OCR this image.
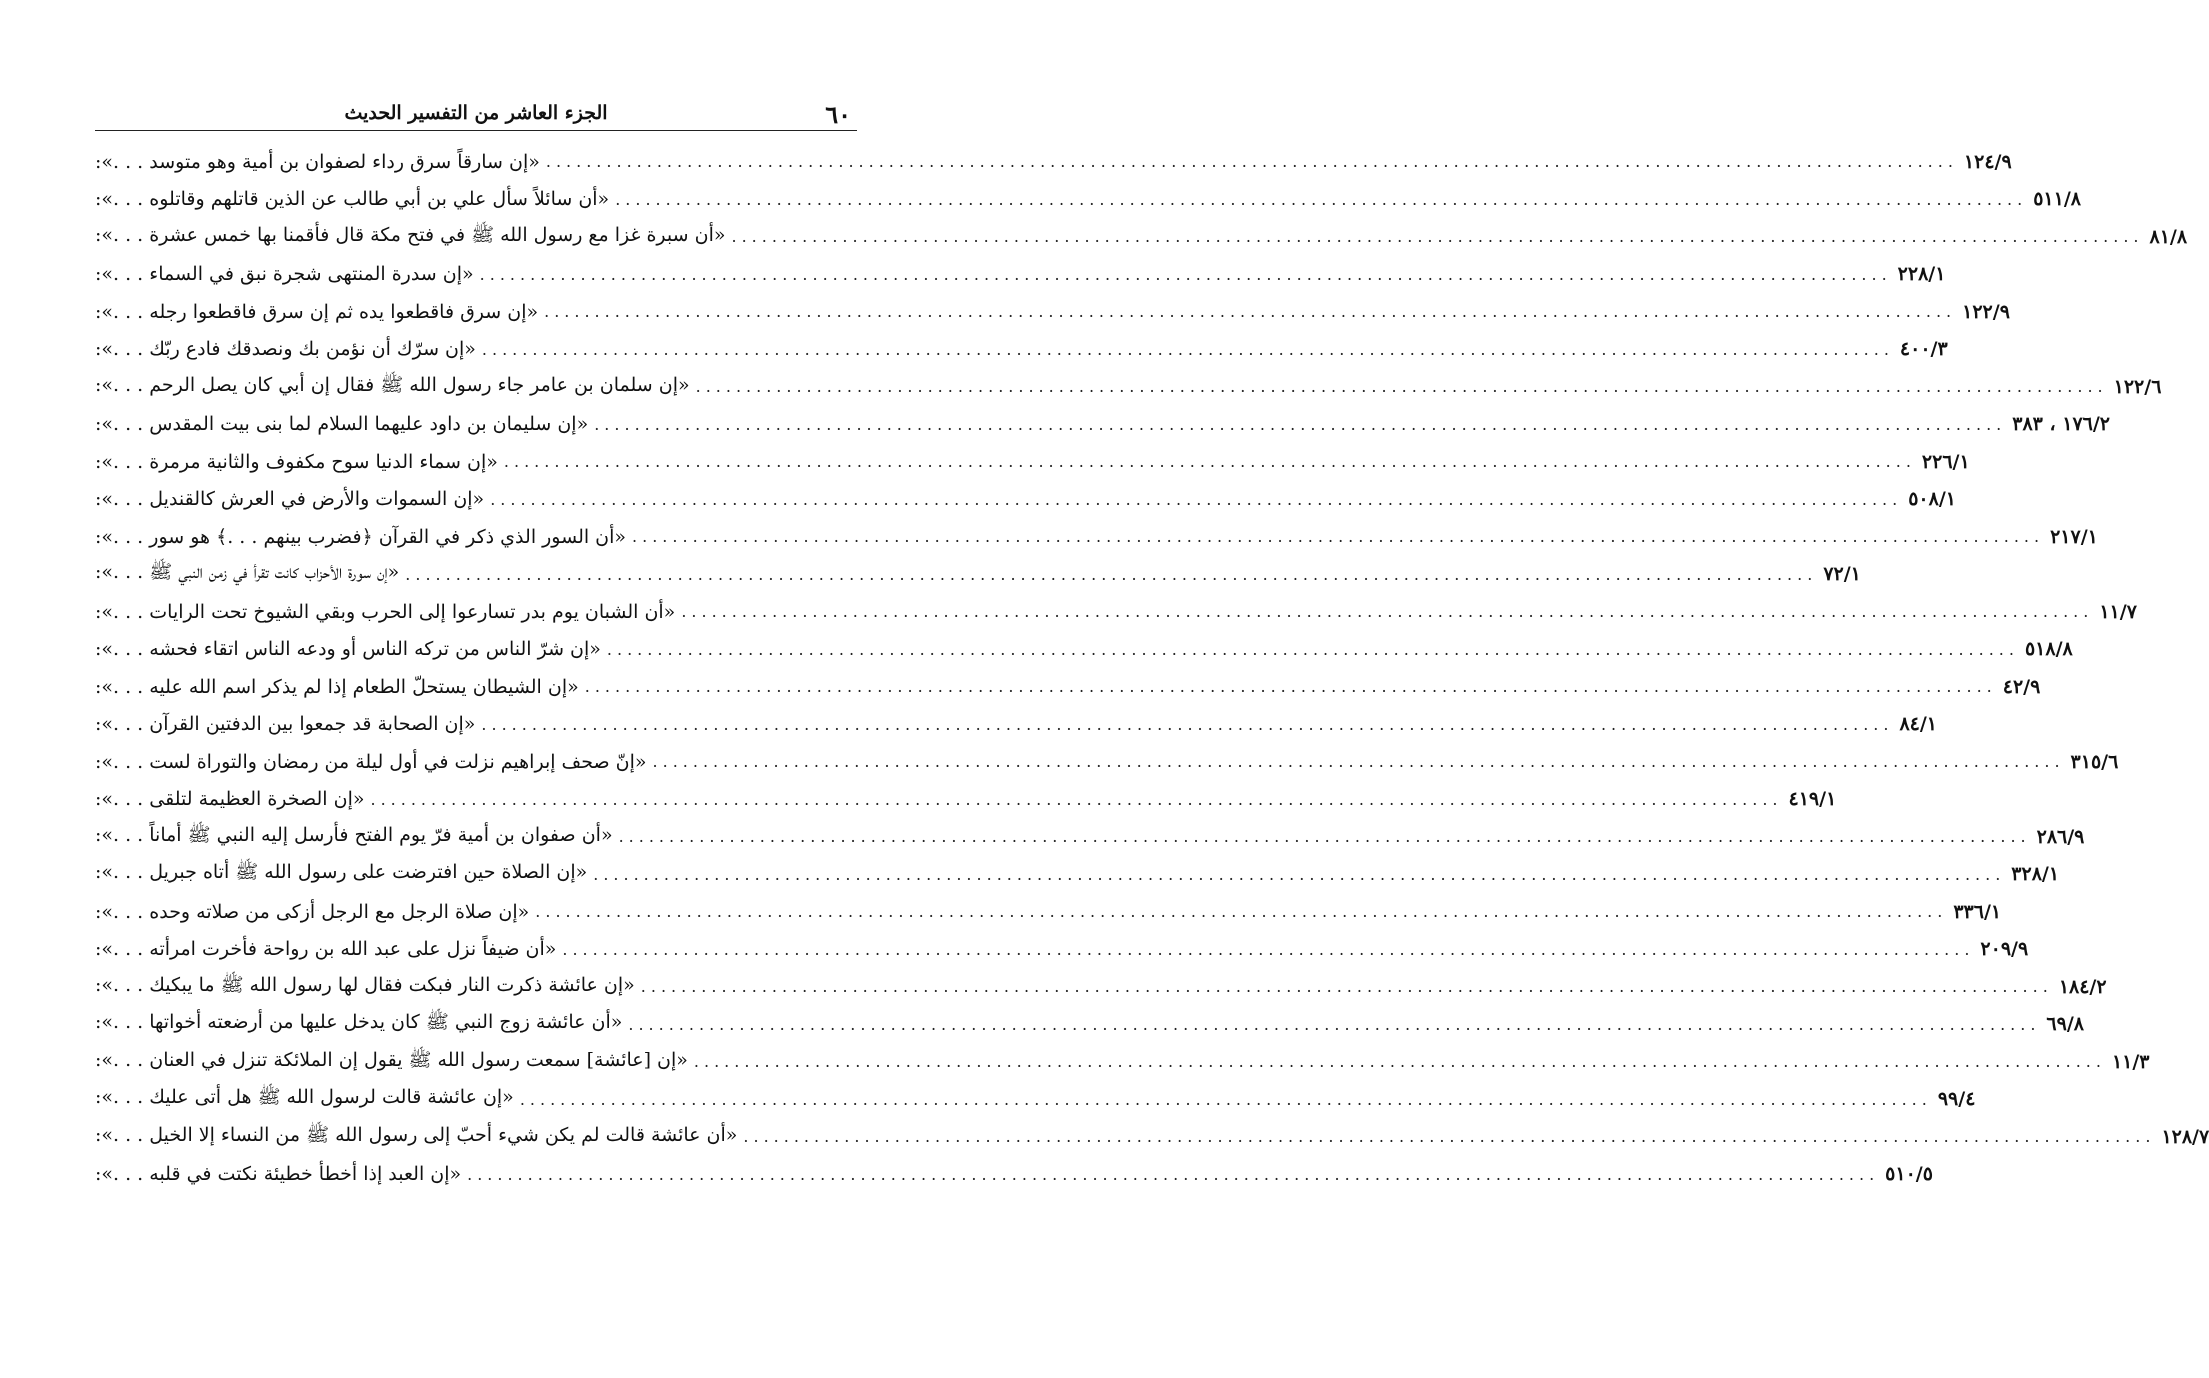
٦٠
الجزء العاشر من التفسير الحديث
«إن سارقاً سرق رداء لصفوان بن أمية وهو متوسد . . .»: ............................................................................................................................................ ١٢٤/٩
«أن سائلاً سأل علي بن أبي طالب عن الذين قاتلهم وقاتلوه . . .»: ............................................................................................................................................ ٥١١/٨
«أن سبرة غزا مع رسول الله ﷺ في فتح مكة قال فأقمنا بها خمس عشرة . . .»: ............................................................................................................................................ ٨١/٨
«إن سدرة المنتهى شجرة نبق في السماء . . .»: ............................................................................................................................................ ٢٢٨/١
«إن سرق فاقطعوا يده ثم إن سرق فاقطعوا رجله . . .»: ............................................................................................................................................ ١٢٢/٩
«إن سرّك أن نؤمن بك ونصدقك فادع ربّك . . .»: ............................................................................................................................................ ٤٠٠/٣
«إن سلمان بن عامر جاء رسول الله ﷺ فقال إن أبي كان يصل الرحم . . .»: ............................................................................................................................................ ١٢٢/٦
«إن سليمان بن داود عليهما السلام لما بنى بيت المقدس . . .»: ............................................................................................................................................ ١٧٦/٢ ، ٣٨٣
«إن سماء الدنيا سوح مكفوف والثانية مرمرة . . .»: ............................................................................................................................................ ٢٢٦/١
«إن السموات والأرض في العرش كالقنديل . . .»: ............................................................................................................................................ ٥٠٨/١
«أن السور الذي ذكر في القرآن ﴿فضرب بينهم . . .﴾ هو سور . . .»: ............................................................................................................................................ ٢١٧/١
«إن سورة الأحزاب كانت تقرأ في زمن النبي ﷺ . . .»: ............................................................................................................................................ ٧٢/١
«أن الشبان يوم بدر تسارعوا إلى الحرب وبقي الشيوخ تحت الرايات . . .»: ............................................................................................................................................ ١١/٧
«إن شرّ الناس من تركه الناس أو ودعه الناس اتقاء فحشه . . .»: ............................................................................................................................................ ٥١٨/٨
«إن الشيطان يستحلّ الطعام إذا لم يذكر اسم الله عليه . . .»: ............................................................................................................................................ ٤٢/٩
«إن الصحابة قد جمعوا بين الدفتين القرآن . . .»: ............................................................................................................................................ ٨٤/١
«إنّ صحف إبراهيم نزلت في أول ليلة من رمضان والتوراة لست . . .»: ............................................................................................................................................ ٣١٥/٦
«إن الصخرة العظيمة لتلقى . . .»: ............................................................................................................................................ ٤١٩/١
«أن صفوان بن أمية فرّ يوم الفتح فأرسل إليه النبي ﷺ أماناً . . .»: ............................................................................................................................................ ٢٨٦/٩
«إن الصلاة حين افترضت على رسول الله ﷺ أتاه جبريل . . .»: ............................................................................................................................................ ٣٢٨/١
«إن صلاة الرجل مع الرجل أزكى من صلاته وحده . . .»: ............................................................................................................................................ ٣٣٦/١
«أن ضيفاً نزل على عبد الله بن رواحة فأخرت امرأته . . .»: ............................................................................................................................................ ٢٠٩/٩
«إن عائشة ذكرت النار فبكت فقال لها رسول الله ﷺ ما يبكيك . . .»: ............................................................................................................................................ ١٨٤/٢
«أن عائشة زوج النبي ﷺ كان يدخل عليها من أرضعته أخواتها . . .»: ............................................................................................................................................ ٦٩/٨
«إن [عائشة] سمعت رسول الله ﷺ يقول إن الملائكة تنزل في العنان . . .»: ............................................................................................................................................ ١١/٣
«إن عائشة قالت لرسول الله ﷺ هل أتى عليك . . .»: ............................................................................................................................................ ٩٩/٤
«أن عائشة قالت لم يكن شيء أحبّ إلى رسول الله ﷺ من النساء إلا الخيل . . .»: ............................................................................................................................................ ١٢٨/٧
«إن العبد إذا أخطأ خطيئة نكتت في قلبه . . .»: ............................................................................................................................................ ٥١٠/٥
